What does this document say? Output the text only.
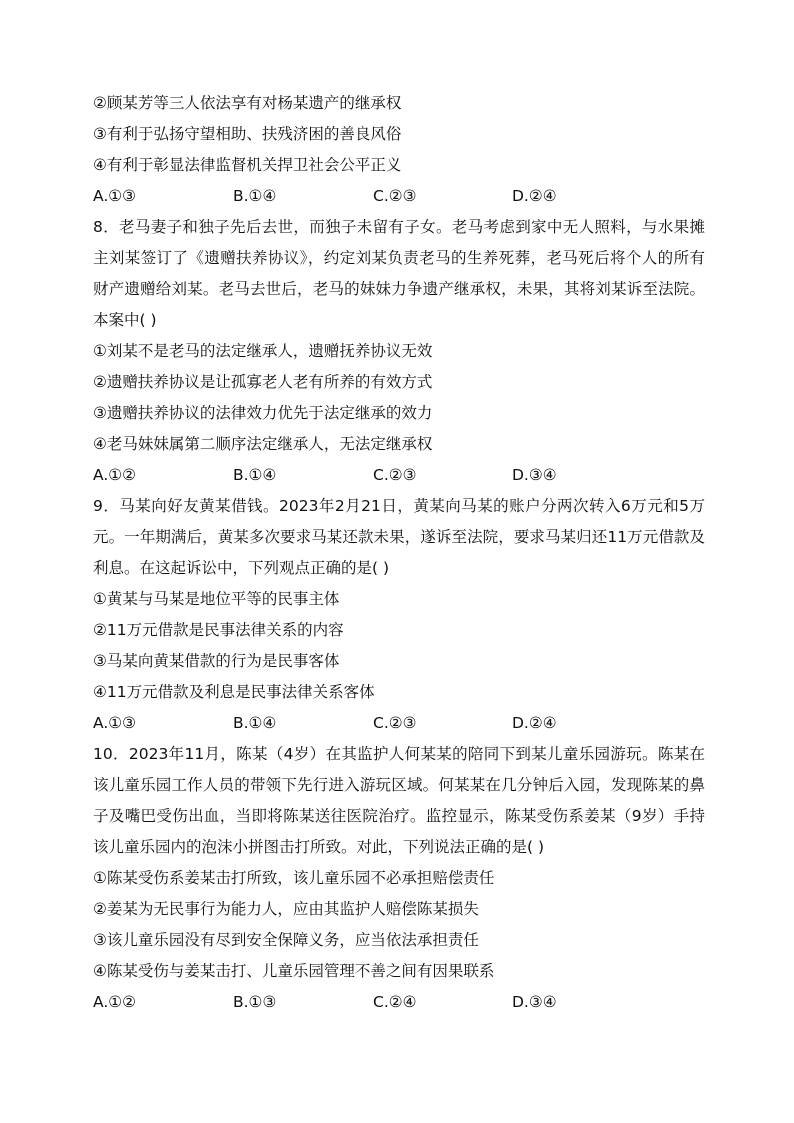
②顾某芳等三人依法享有对杨某遗产的继承权
③有利于弘扬守望相助、扶残济困的善良风俗
④有利于彰显法律监督机关捍卫社会公平正义
A.①③	B.①④	C.②③	D.②④
8．老马妻子和独子先后去世，而独子未留有子女。老马考虑到家中无人照料，与水果摊主刘某签订了《遗赠扶养协议》，约定刘某负责老马的生养死葬，老马死后将个人的所有财产遗赠给刘某。老马去世后，老马的妹妹力争遗产继承权，未果，其将刘某诉至法院。本案中( )
①刘某不是老马的法定继承人，遗赠抚养协议无效
②遗赠扶养协议是让孤寡老人老有所养的有效方式
③遗赠扶养协议的法律效力优先于法定继承的效力
④老马妹妹属第二顺序法定继承人，无法定继承权
A.①②	B.①④	C.②③	D.③④
9．马某向好友黄某借钱。2023年2月21日，黄某向马某的账户分两次转入6万元和5万元。一年期满后，黄某多次要求马某还款未果，遂诉至法院，要求马某归还11万元借款及利息。在这起诉讼中，下列观点正确的是( )
①黄某与马某是地位平等的民事主体
②11万元借款是民事法律关系的内容
③马某向黄某借款的行为是民事客体
④11万元借款及利息是民事法律关系客体
A.①③	B.①④	C.②③	D.②④
10．2023年11月，陈某（4岁）在其监护人何某某的陪同下到某儿童乐园游玩。陈某在该儿童乐园工作人员的带领下先行进入游玩区域。何某某在几分钟后入园，发现陈某的鼻子及嘴巴受伤出血，当即将陈某送往医院治疗。监控显示，陈某受伤系姜某（9岁）手持该儿童乐园内的泡沫小拼图击打所致。对此，下列说法正确的是( )
①陈某受伤系姜某击打所致，该儿童乐园不必承担赔偿责任
②姜某为无民事行为能力人，应由其监护人赔偿陈某损失
③该儿童乐园没有尽到安全保障义务，应当依法承担责任
④陈某受伤与姜某击打、儿童乐园管理不善之间有因果联系
A.①②	B.①③	C.②④	D.③④
